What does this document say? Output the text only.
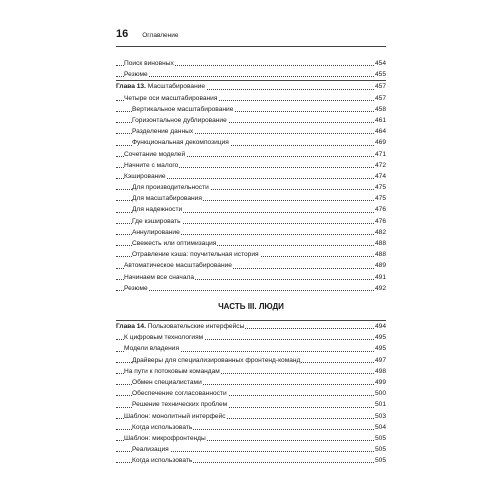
16 Оглавление
Поиск виновных	454
Резюме	455
Глава 13. Масштабирование	457
Четыре оси масштабирования	457
Вертикальное масштабирование	458
Горизонтальное дублирование	461
Разделение данных	464
Функциональная декомпозиция	469
Сочетание моделей	471
Начните с малого	472
Кэширование	474
Для производительности	475
Для масштабирования	475
Для надежности	476
Где кэшировать	476
Аннулирование	482
Свежесть или оптимизация	488
Отравление кэша: поучительная история	488
Автоматическое масштабирование	489
Начинаем все сначала	491
Резюме	492
ЧАСТЬ III. ЛЮДИ
Глава 14. Пользовательские интерфейсы	494
К цифровым технологиям	495
Модели владения	495
Драйверы для специализированных фронтенд-команд	497
На пути к потоковым командам	498
Обмен специалистами	499
Обеспечение согласованности	500
Решение технических проблем	501
Шаблон: монолитный интерфейс	503
Когда использовать	504
Шаблон: микрофронтенды	505
Реализация	505
Когда использовать	505
